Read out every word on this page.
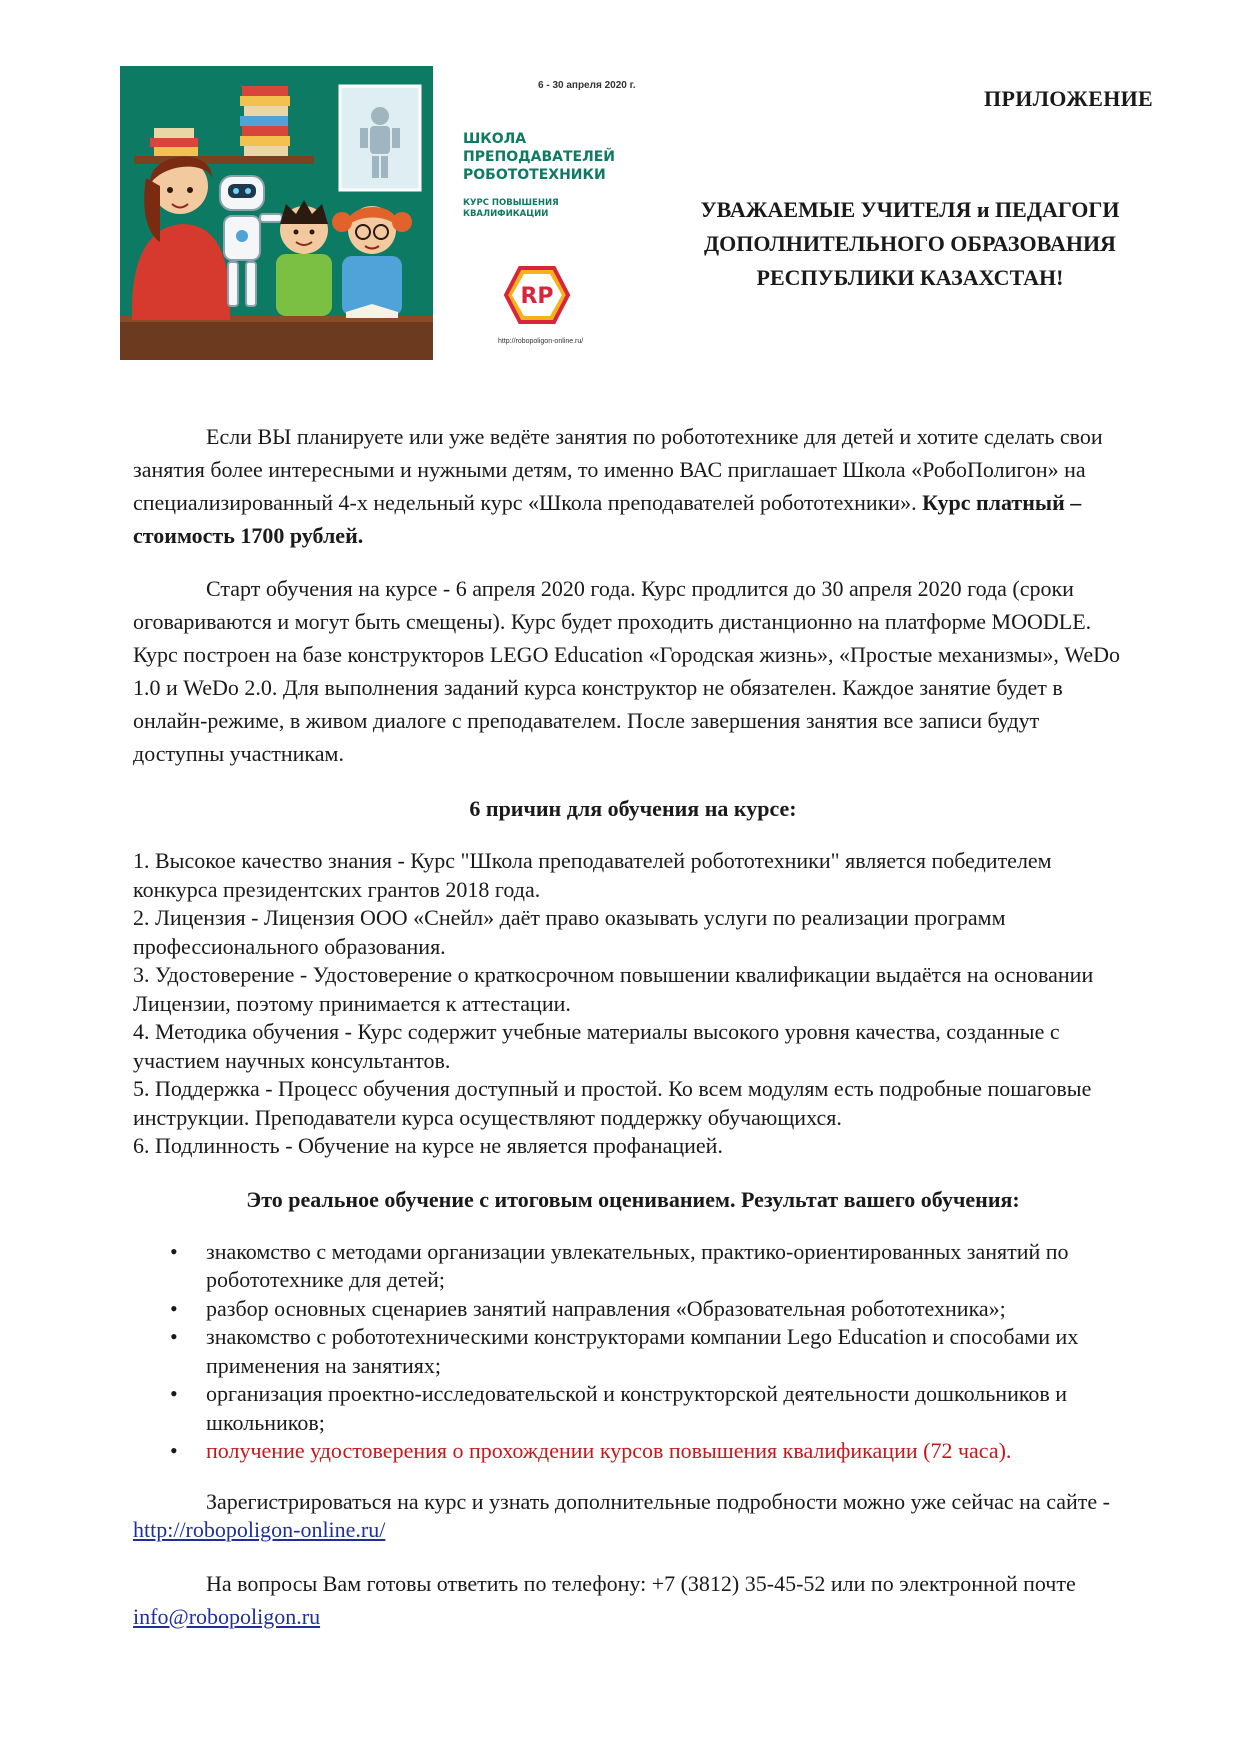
6 - 30 апреля 2020 г.
ШКОЛА
ПРЕПОДАВАТЕЛЕЙ
РОБОТОТЕХНИКИ
КУРС ПОВЫШЕНИЯ
КВАЛИФИКАЦИИ
RP
http://robopoligon-online.ru/
ПРИЛОЖЕНИЕ
УВАЖАЕМЫЕ УЧИТЕЛЯ и ПЕДАГОГИ
ДОПОЛНИТЕЛЬНОГО ОБРАЗОВАНИЯ
РЕСПУБЛИКИ КАЗАХСТАН!

Если ВЫ планируете или уже ведёте занятия по робототехнике для детей и хотите сделать свои занятия более интересными и нужными детям, то именно ВАС приглашает Школа «РобоПолигон» на специализированный 4-х недельный курс «Школа преподавателей робототехники». Курс платный – стоимость 1700 рублей.

Старт обучения на курсе - 6 апреля 2020 года. Курс продлится до 30 апреля 2020 года (сроки оговариваются и могут быть смещены). Курс будет проходить дистанционно на платформе MOODLE. Курс построен на базе конструкторов LEGO Education «Городская жизнь», «Простые механизмы», WeDo 1.0 и WeDo 2.0. Для выполнения заданий курса конструктор не обязателен. Каждое занятие будет в онлайн-режиме, в живом диалоге с преподавателем. После завершения занятия все записи будут доступны участникам.

6 причин для обучения на курсе:

1. Высокое качество знания - Курс "Школа преподавателей робототехники" является победителем конкурса президентских грантов 2018 года.
2. Лицензия - Лицензия ООО «Снейл» даёт право оказывать услуги по реализации программ профессионального образования.
3. Удостоверение - Удостоверение о краткосрочном повышении квалификации выдаётся на основании Лицензии, поэтому принимается к аттестации.
4. Методика обучения - Курс содержит учебные материалы высокого уровня качества, созданные с участием научных консультантов.
5. Поддержка - Процесс обучения доступный и простой. Ко всем модулям есть подробные пошаговые инструкции. Преподаватели курса осуществляют поддержку обучающихся.
6. Подлинность - Обучение на курсе не является профанацией.

Это реальное обучение с итоговым оцениванием. Результат вашего обучения:

• знакомство с методами организации увлекательных, практико-ориентированных занятий по робототехнике для детей;
• разбор основных сценариев занятий направления «Образовательная робототехника»;
• знакомство с робототехническими конструкторами компании Lego Education и способами их применения на занятиях;
• организация проектно-исследовательской и конструкторской деятельности дошкольников и школьников;
• получение удостоверения о прохождении курсов повышения квалификации (72 часа).

Зарегистрироваться на курс и узнать дополнительные подробности можно уже сейчас на сайте - http://robopoligon-online.ru/

На вопросы Вам готовы ответить по телефону: +7 (3812) 35-45-52 или по электронной почте info@robopoligon.ru
